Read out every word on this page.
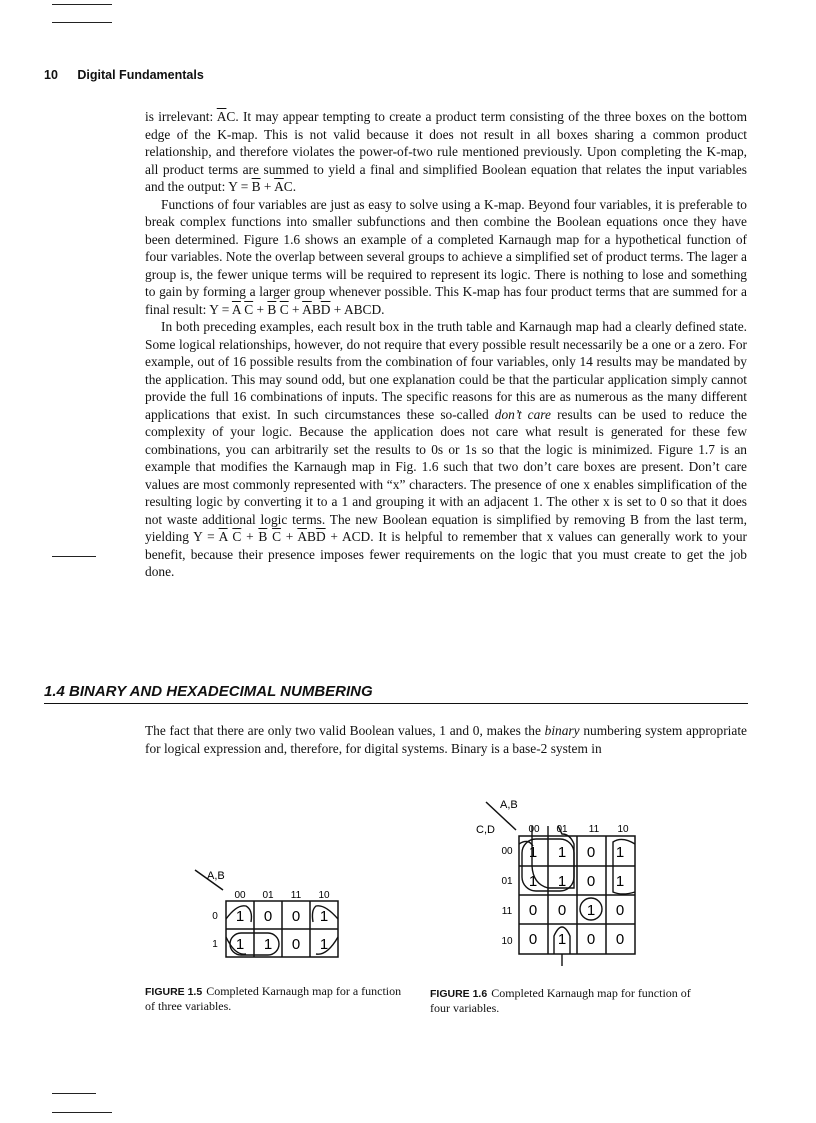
10 Digital Fundamentals

is irrelevant: $\overline{A}C$. It may appear tempting to create a product term consisting of the three boxes on the bottom edge of the K-map. This is not valid because it does not result in all boxes sharing a common product relationship, and therefore violates the power-of-two rule mentioned previously. Upon completing the K-map, all product terms are summed to yield a final and simplified Boolean equation that relates the input variables and the output: $Y = \overline{B} + \overline{A}C$.

Functions of four variables are just as easy to solve using a K-map. Beyond four variables, it is preferable to break complex functions into smaller subfunctions and then combine the Boolean equations once they have been determined. Figure 1.6 shows an example of a completed Karnaugh map for a hypothetical function of four variables. Note the overlap between several groups to achieve a simplified set of product terms. The lager a group is, the fewer unique terms will be required to represent its logic. There is nothing to lose and something to gain by forming a larger group whenever possible. This K-map has four product terms that are summed for a final result: $Y = \overline{A}$ $\overline{C} + \overline{B}$ $\overline{C} + \overline{A}B\overline{D}$ + ABCD.

In both preceding examples, each result box in the truth table and Karnaugh map had a clearly defined state. Some logical relationships, however, do not require that every possible result necessarily be a one or a zero. For example, out of 16 possible results from the combination of four variables, only 14 results may be mandated by the application. This may sound odd, but one explanation could be that the particular application simply cannot provide the full 16 combinations of inputs. The specific reasons for this are as numerous as the many different applications that exist. In such circumstances these so-called don’t care results can be used to reduce the complexity of your logic. Because the application does not care what result is generated for these few combinations, you can arbitrarily set the results to 0s or 1s so that the logic is minimized. Figure 1.7 is an example that modifies the Karnaugh map in Fig. 1.6 such that two don’t care boxes are present. Don’t care values are most commonly represented with “x” characters. The presence of one x enables simplification of the resulting logic by converting it to a 1 and grouping it with an adjacent 1. The other x is set to 0 so that it does not waste additional logic terms. The new Boolean equation is simplified by removing B from the last term, yielding $Y = \overline{A}$ $\overline{C} + \overline{B}$ $\overline{C} + \overline{A}B\overline{D}$ + ACD. It is helpful to remember that x values can generally work to your benefit, because their presence imposes fewer requirements on the logic that you must create to get the job done.

1.4 BINARY AND HEXADECIMAL NUMBERING

The fact that there are only two valid Boolean values, 1 and 0, makes the binary numbering system appropriate for logical expression and, therefore, for digital systems. Binary is a base-2 system in

A,B
00 01 11 10
0
1
1 0 0 1
1 1 0 1
A,B
C,D	00 01 11 10
00
01
11
10
1 1 0 1
1 1 0 1
0 0 1 0
0 1 0 0
FIGURE 1.5 Completed Karnaugh map for a function of three variables.
FIGURE 1.6 Completed Karnaugh map for function of four variables.
